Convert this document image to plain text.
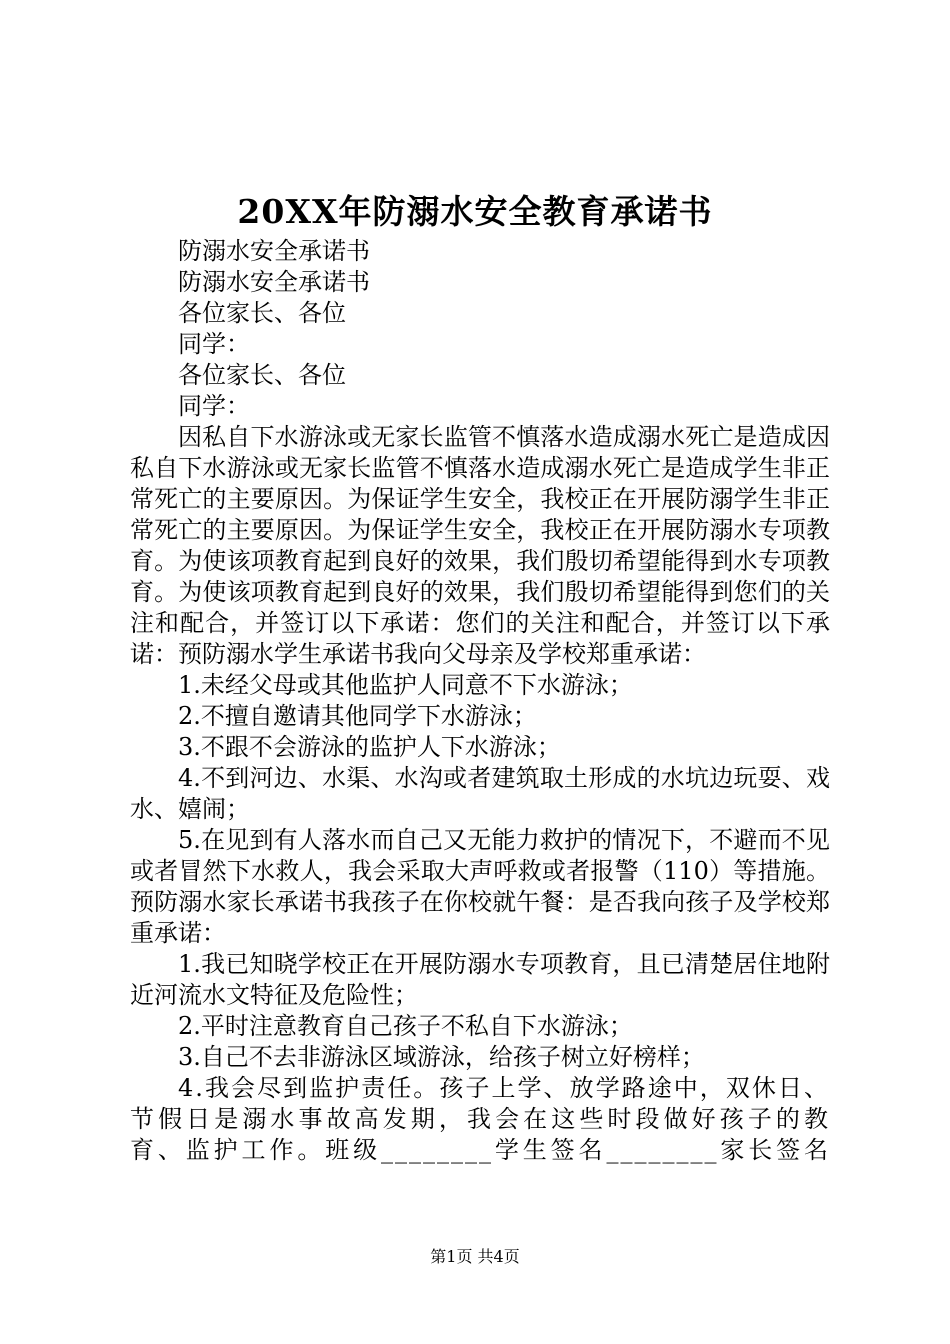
20XX年防溺水安全教育承诺书

防溺水安全承诺书

防溺水安全承诺书

各位家长、各位

同学：

各位家长、各位

同学：

因私自下水游泳或无家长监管不慎落水造成溺水死亡是造成因私自下水游泳或无家长监管不慎落水造成溺水死亡是造成学生非正常死亡的主要原因。为保证学生安全，我校正在开展防溺学生非正常死亡的主要原因。为保证学生安全，我校正在开展防溺水专项教育。为使该项教育起到良好的效果，我们殷切希望能得到水专项教育。为使该项教育起到良好的效果，我们殷切希望能得到您们的关注和配合，并签订以下承诺：您们的关注和配合，并签订以下承诺：预防溺水学生承诺书我向父母亲及学校郑重承诺：

1.未经父母或其他监护人同意不下水游泳；

2.不擅自邀请其他同学下水游泳；

3.不跟不会游泳的监护人下水游泳；

4.不到河边、水渠、水沟或者建筑取土形成的水坑边玩耍、戏水、嬉闹；

5.在见到有人落水而自己又无能力救护的情况下，不避而不见或者冒然下水救人，我会采取大声呼救或者报警（110）等措施。预防溺水家长承诺书我孩子在你校就午餐：是否我向孩子及学校郑重承诺：

1.我已知晓学校正在开展防溺水专项教育，且已清楚居住地附近河流水文特征及危险性；

2.平时注意教育自己孩子不私自下水游泳；

3.自己不去非游泳区域游泳，给孩子树立好榜样；

4.我会尽到监护责任。孩子上学、放学路途中，双休日、节假日是溺水事故高发期，我会在这些时段做好孩子的教育、监护工作。班级________学生签名________家长签名

第1页 共4页
